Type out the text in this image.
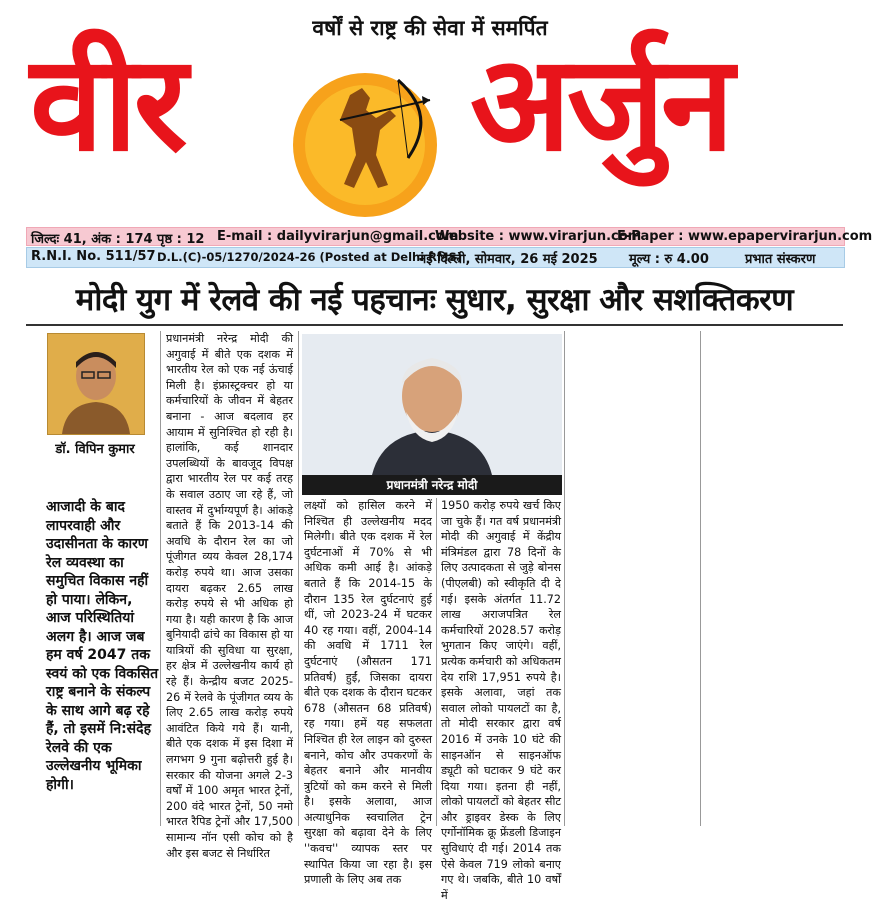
वर्षों से राष्ट्र की सेवा में समर्पित
वीर अर्जुन
जिल्दः 41, अंक : 174 पृष्ठ : 12 E-mail : dailyvirarjun@gmail.com
Website : www.virarjun.com
E-Paper : www.epapervirarjun.com
R.N.I. No. 511/57 D.L.(C)-05/1270/2024-26 (Posted at Delhi RMS)
नई दिल्ली, सोमवार, 26 मई 2025 मूल्य : रु 4.00	प्रभात संस्करण
मोदी युग में रेलवे की नई पहचानः सुधार, सुरक्षा और सशक्तिकरण
डॉ. विपिन कुमार
आजादी के बाद लापरवाही और उदासीनता के कारण रेल व्यवस्था का समुचित विकास नहीं हो पाया। लेकिन, आज परिस्थितियां अलग है। आज जब हम वर्ष 2047 तक स्वयं को एक विकसित राष्ट्र बनाने के संकल्प के साथ आगे बढ़ रहे हैं, तो इसमें नि:संदेह रेलवे की एक उल्लेखनीय भूमिका होगी।
प्रधानमंत्री नरेन्द्र मोदी की अगुवाई में बीते एक दशक में भारतीय रेल को एक नई ऊंचाई मिली है। इंफ्रास्ट्रक्चर हो या कर्मचारियों के जीवन में बेहतर बनाना - आज बदलाव हर आयाम में सुनिश्चित हो रही है। हालांकि, कई शानदार उपलब्धियों के बावजूद विपक्ष द्वारा भारतीय रेल पर कई तरह के सवाल उठाए जा रहे हैं, जो वास्तव में दुर्भाग्यपूर्ण है। आंकड़े बताते हैं कि 2013-14 की अवधि के दौरान रेल का जो पूंजीगत व्यय केवल 28,174 करोड़ रुपये था। आज उसका दायरा बढ़कर 2.65 लाख करोड़ रुपये से भी अधिक हो गया है। यही कारण है कि आज बुनियादी ढांचे का विकास हो या यात्रियों की सुविधा या सुरक्षा, हर क्षेत्र में उल्लेखनीय कार्य हो रहे हैं। केन्द्रीय बजट 2025-26 में रेलवे के पूंजीगत व्यय के लिए 2.65 लाख करोड़ रुपये आवंटित किये गये हैं। यानी, बीते एक दशक में इस दिशा में लगभग 9 गुना बढ़ोत्तरी हुई है। सरकार की योजना अगले 2-3 वर्षों में 100 अमृत भारत ट्रेनों, 200 वंदे भारत ट्रेनों, 50 नमो भारत रैपिड ट्रेनों और 17,500 सामान्य नॉन एसी कोच को है और इस बजट से निर्धारित
प्रधानमंत्री नरेन्द्र मोदी
लक्ष्यों को हासिल करने में निश्चित ही उल्लेखनीय मदद मिलेगी। बीते एक दशक में रेल दुर्घटनाओं में 70% से भी अधिक कमी आई है। आंकड़े बताते हैं कि 2014-15 के दौरान 135 रेल दुर्घटनाएं हुई थीं, जो 2023-24 में घटकर 40 रह गया। वहीं, 2004-14 की अवधि में 1711 रेल दुर्घटनाएं (औसतन 171 प्रतिवर्ष) हुईं, जिसका दायरा बीते एक दशक के दौरान घटकर 678 (औसतन 68 प्रतिवर्ष) रह गया। हमें यह सफलता निश्चित ही रेल लाइन को दुरुस्त बनाने, कोच और उपकरणों के बेहतर बनाने और मानवीय त्रुटियों को कम करने से मिली है। इसके अलावा, आज अत्याधुनिक स्वचालित ट्रेन सुरक्षा को बढ़ावा देने के लिए ''कवच'' व्यापक स्तर पर स्थापित किया जा रहा है। इस प्रणाली के लिए अब तक
1950 करोड़ रुपये खर्च किए जा चुके हैं। गत वर्ष प्रधानमंत्री मोदी की अगुवाई में केंद्रीय मंत्रिमंडल द्वारा 78 दिनों के लिए उत्पादकता से जुड़े बोनस (पीएलबी) को स्वीकृति दी दे गई। इसके अंतर्गत 11.72 लाख अराजपत्रित रेल कर्मचारियों 2028.57 करोड़ भुगतान किए जाएंगे। वहीं, प्रत्येक कर्मचारी को अधिकतम देय राशि 17,951 रुपये है। इसके अलावा, जहां तक सवाल लोको पायलटों का है, तो मोदी सरकार द्वारा वर्ष 2016 में उनके 10 घंटे की साइनऑन से साइनऑफ ड्यूटी को घटाकर 9 घंटे कर दिया गया। इतना ही नहीं, लोको पायलटों को बेहतर सीट और ड्राइवर डेस्क के लिए एर्गोनॉमिक क्रू फ्रेंडली डिजाइन सुविधाएं दी गई। 2014 तक ऐसे केवल 719 लोको बनाए गए थे। जबकि, बीते 10 वर्षों में
